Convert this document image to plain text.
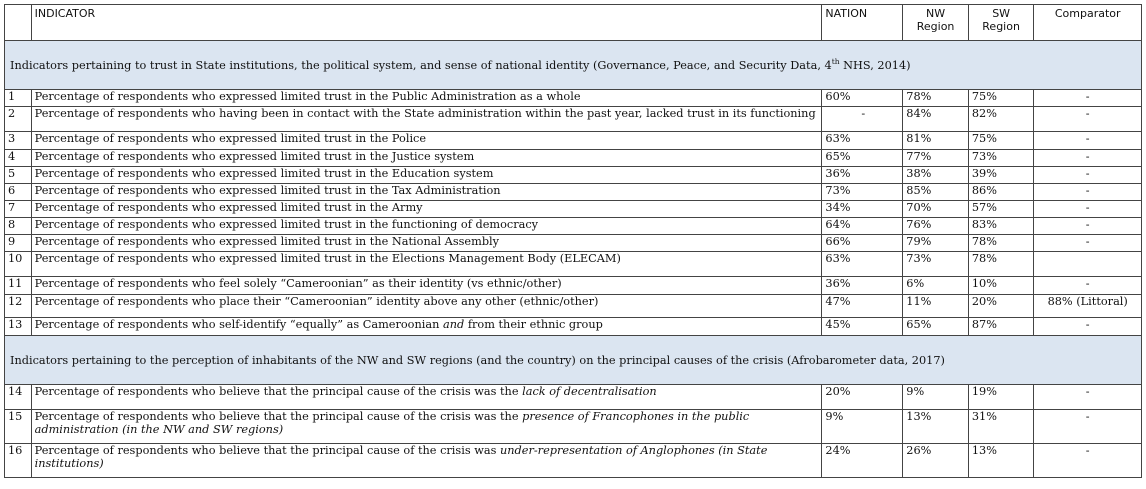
	INDICATOR	NATION	NW Region	SW Region	Comparator
Indicators pertaining to trust in State institutions, the political system, and sense of national identity (Governance, Peace, and Security Data, 4th NHS, 2014)					
1	Percentage of respondents who expressed limited trust in the Public Administration as a whole	60%	78%	75%	-
2	Percentage of respondents who having been in contact with the State administration within the past year, lacked trust in its functioning	-	84%	82%	-
3	Percentage of respondents who expressed limited trust in the Police	63%	81%	75%	-
4	Percentage of respondents who expressed limited trust in the Justice system	65%	77%	73%	-
5	Percentage of respondents who expressed limited trust in the Education system	36%	38%	39%	-
6	Percentage of respondents who expressed limited trust in the Tax Administration	73%	85%	86%	-
7	Percentage of respondents who expressed limited trust in the Army	34%	70%	57%	-
8	Percentage of respondents who expressed limited trust in the functioning of democracy	64%	76%	83%	-
9	Percentage of respondents who expressed limited trust in the National Assembly	66%	79%	78%	-
10	Percentage of respondents who expressed limited trust in the Elections Management Body (ELECAM)	63%	73%	78%	
11	Percentage of respondents who feel solely “Cameroonian” as their identity (vs ethnic/other)	36%	6%	10%	-
12	Percentage of respondents who place their “Cameroonian” identity above any other (ethnic/other)	47%	11%	20%	88% (Littoral)
13	Percentage of respondents who self-identify “equally” as Cameroonian and from their ethnic group	45%	65%	87%	-
Indicators pertaining to the perception of inhabitants of the NW and SW regions (and the country) on the principal causes of the crisis (Afrobarometer data, 2017)					
14	Percentage of respondents who believe that the principal cause of the crisis was the lack of decentralisation	20%	9%	19%	-
15	Percentage of respondents who believe that the principal cause of the crisis was the presence of Francophones in the public administration (in the NW and SW regions)	9%	13%	31%	-
16	Percentage of respondents who believe that the principal cause of the crisis was under-representation of Anglophones (in State institutions)	24%	26%	13%	-
